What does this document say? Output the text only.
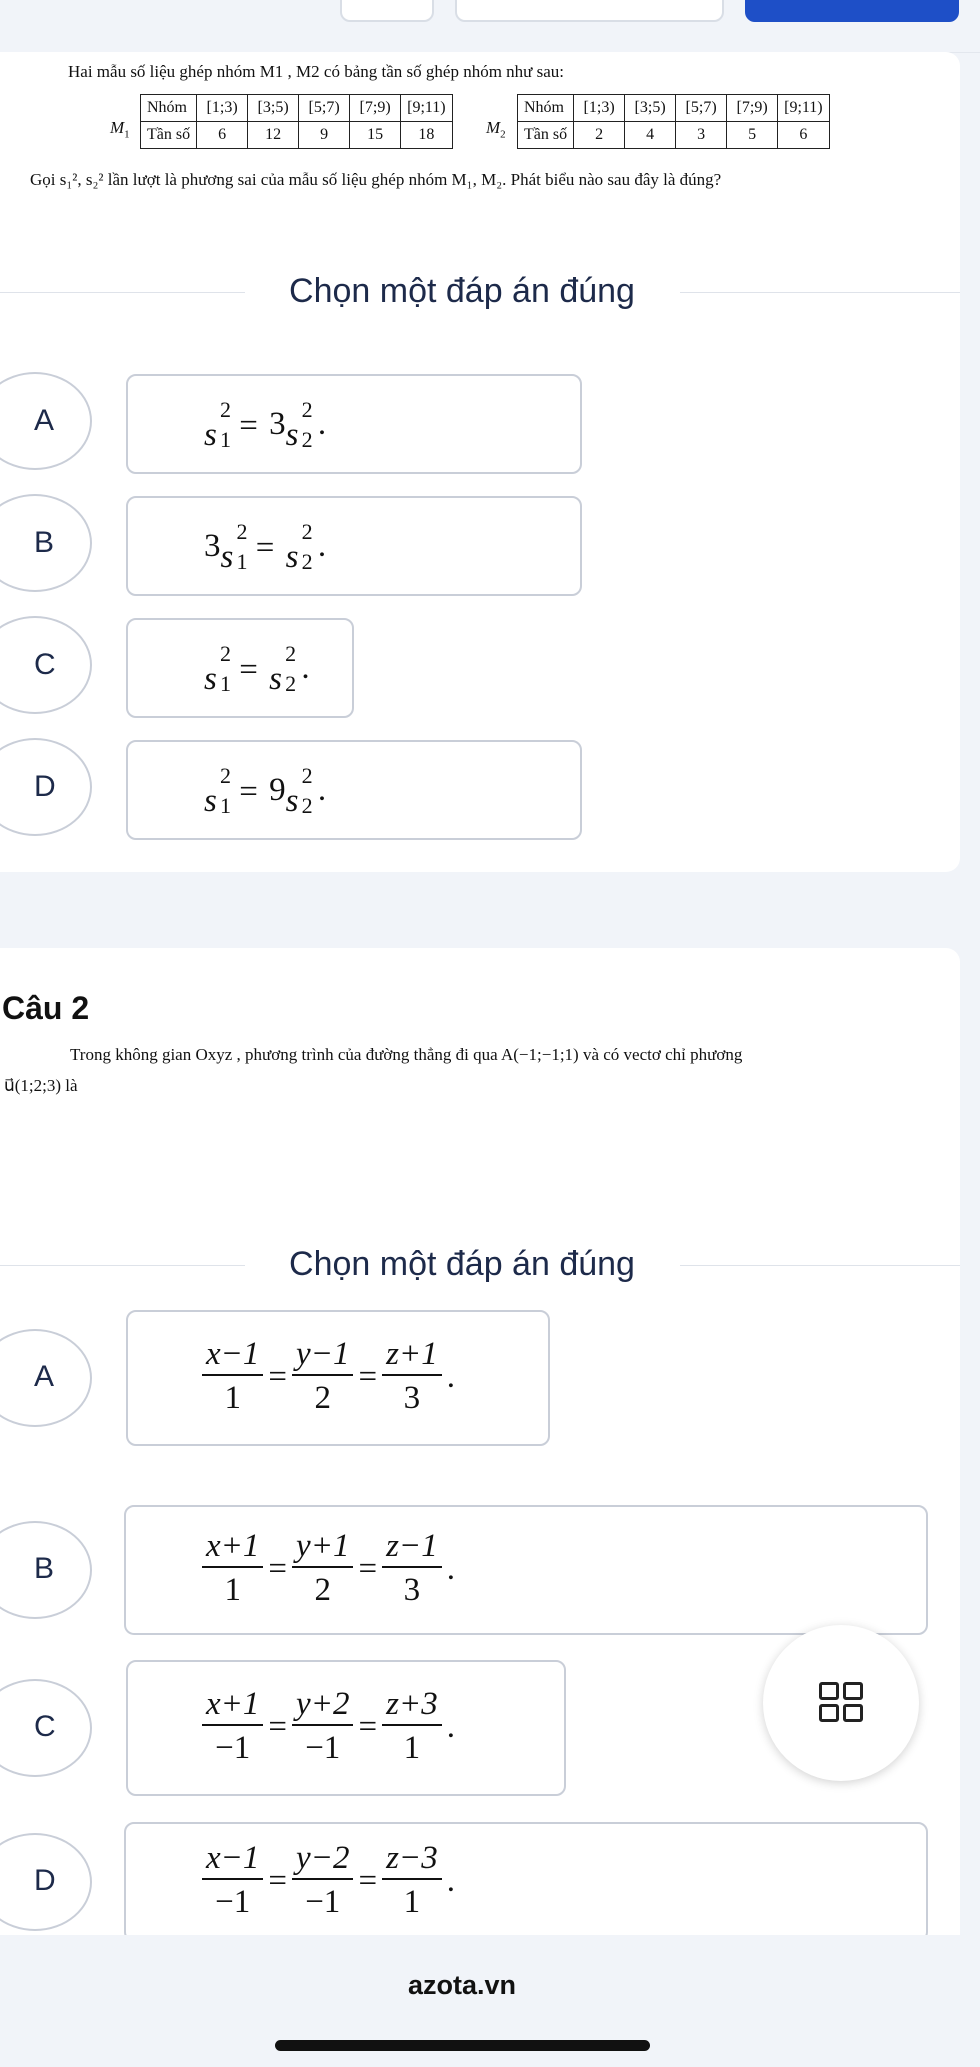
Hai mẫu số liệu ghép nhóm M1 , M2 có bảng tần số ghép nhóm như sau:
$M_1$
Nhóm	[1;3)	[3;5)	[5;7)	[7;9)	[9;11)
Tần số	6	12	9	15	18	$M_2$
Nhóm	[1;3)	[3;5)	[5;7)	[7;9)	[9;11)
Tần số	2	4	3	5	6
Gọi s₁², s₂² lần lượt là phương sai của mẫu số liệu ghép nhóm M₁, M₂. Phát biểu nào sau đây là đúng?
Chọn một đáp án đúng
A	s
2
1 = 3 s
2
2
.
B	3 s
2
1 = s
2
2
.
C	s
2
1 = s
2
2
.
D	s
2
1 = 9 s
2
2
.
Câu 2
Trong không gian Oxyz , phương trình của đường thẳng đi qua A(−1;−1;1) và có vectơ chỉ phương
u⃗(1;2;3) là
Chọn một đáp án đúng
A	$\frac{x-1}{1} = \frac{y-1}{2} = \frac{z+1}{3}$ .
B	$\frac{x+1}{1} = \frac{y+1}{2} = \frac{z-1}{3}$ .
C	$\frac{x+1}{-1} = \frac{y+2}{-1} = \frac{z+3}{1}$ .
D	$\frac{x-1}{-1} = \frac{y-2}{-1} = \frac{z-3}{1}$ .
azota.vn
